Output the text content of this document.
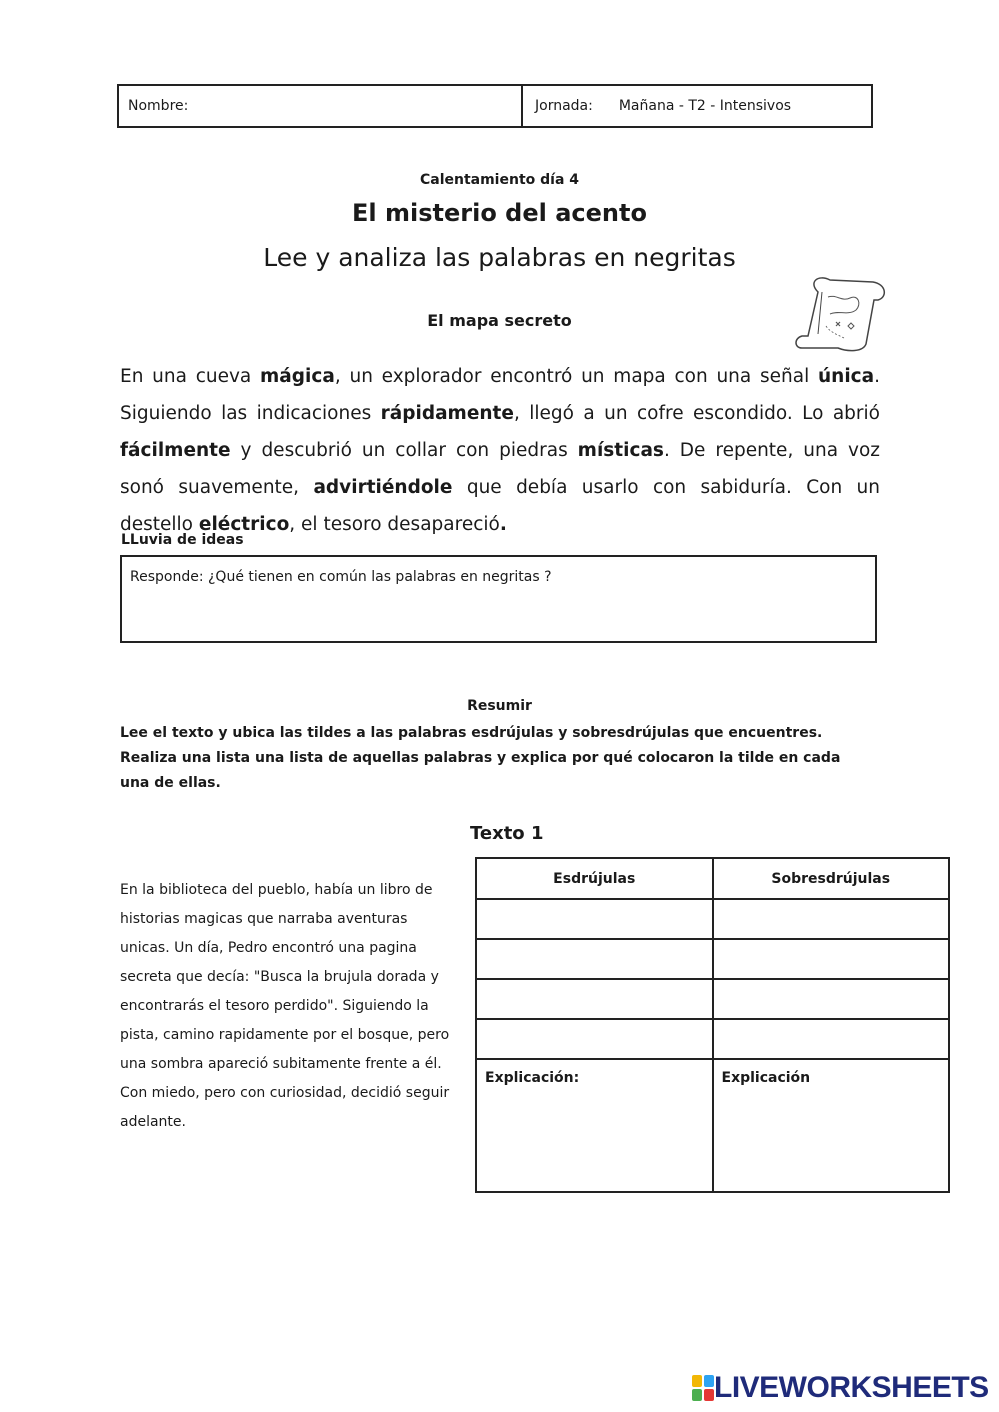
Nombre:	Jornada: Mañana - T2 - Intensivos
Calentamiento día 4
El misterio del acento
Lee y analiza las palabras en negritas
El mapa secreto
En una cueva mágica, un explorador encontró un mapa con una señal única. Siguiendo las indicaciones rápidamente, llegó a un cofre escondido. Lo abrió fácilmente y descubrió un collar con piedras místicas. De repente, una voz sonó suavemente, advirtiéndole que debía usarlo con sabiduría. Con un destello eléctrico, el tesoro desapareció.
LLuvia de ideas
Responde: ¿Qué tienen en común las palabras en negritas ?
Resumir
Lee el texto y ubica las tildes a las palabras esdrújulas y sobresdrújulas que encuentres. Realiza una lista una lista de aquellas palabras y explica por qué colocaron la tilde en cada una de ellas.
Texto 1
En la biblioteca del pueblo, había un libro de historias magicas que narraba aventuras unicas. Un día, Pedro encontró una pagina secreta que decía: "Busca la brujula dorada y encontrarás el tesoro perdido". Siguiendo la pista, camino rapidamente por el bosque, pero una sombra apareció subitamente frente a él. Con miedo, pero con curiosidad, decidió seguir adelante.
Esdrújulas	Sobresdrújulas

Explicación:	Explicación
LIVEWORKSHEETS
